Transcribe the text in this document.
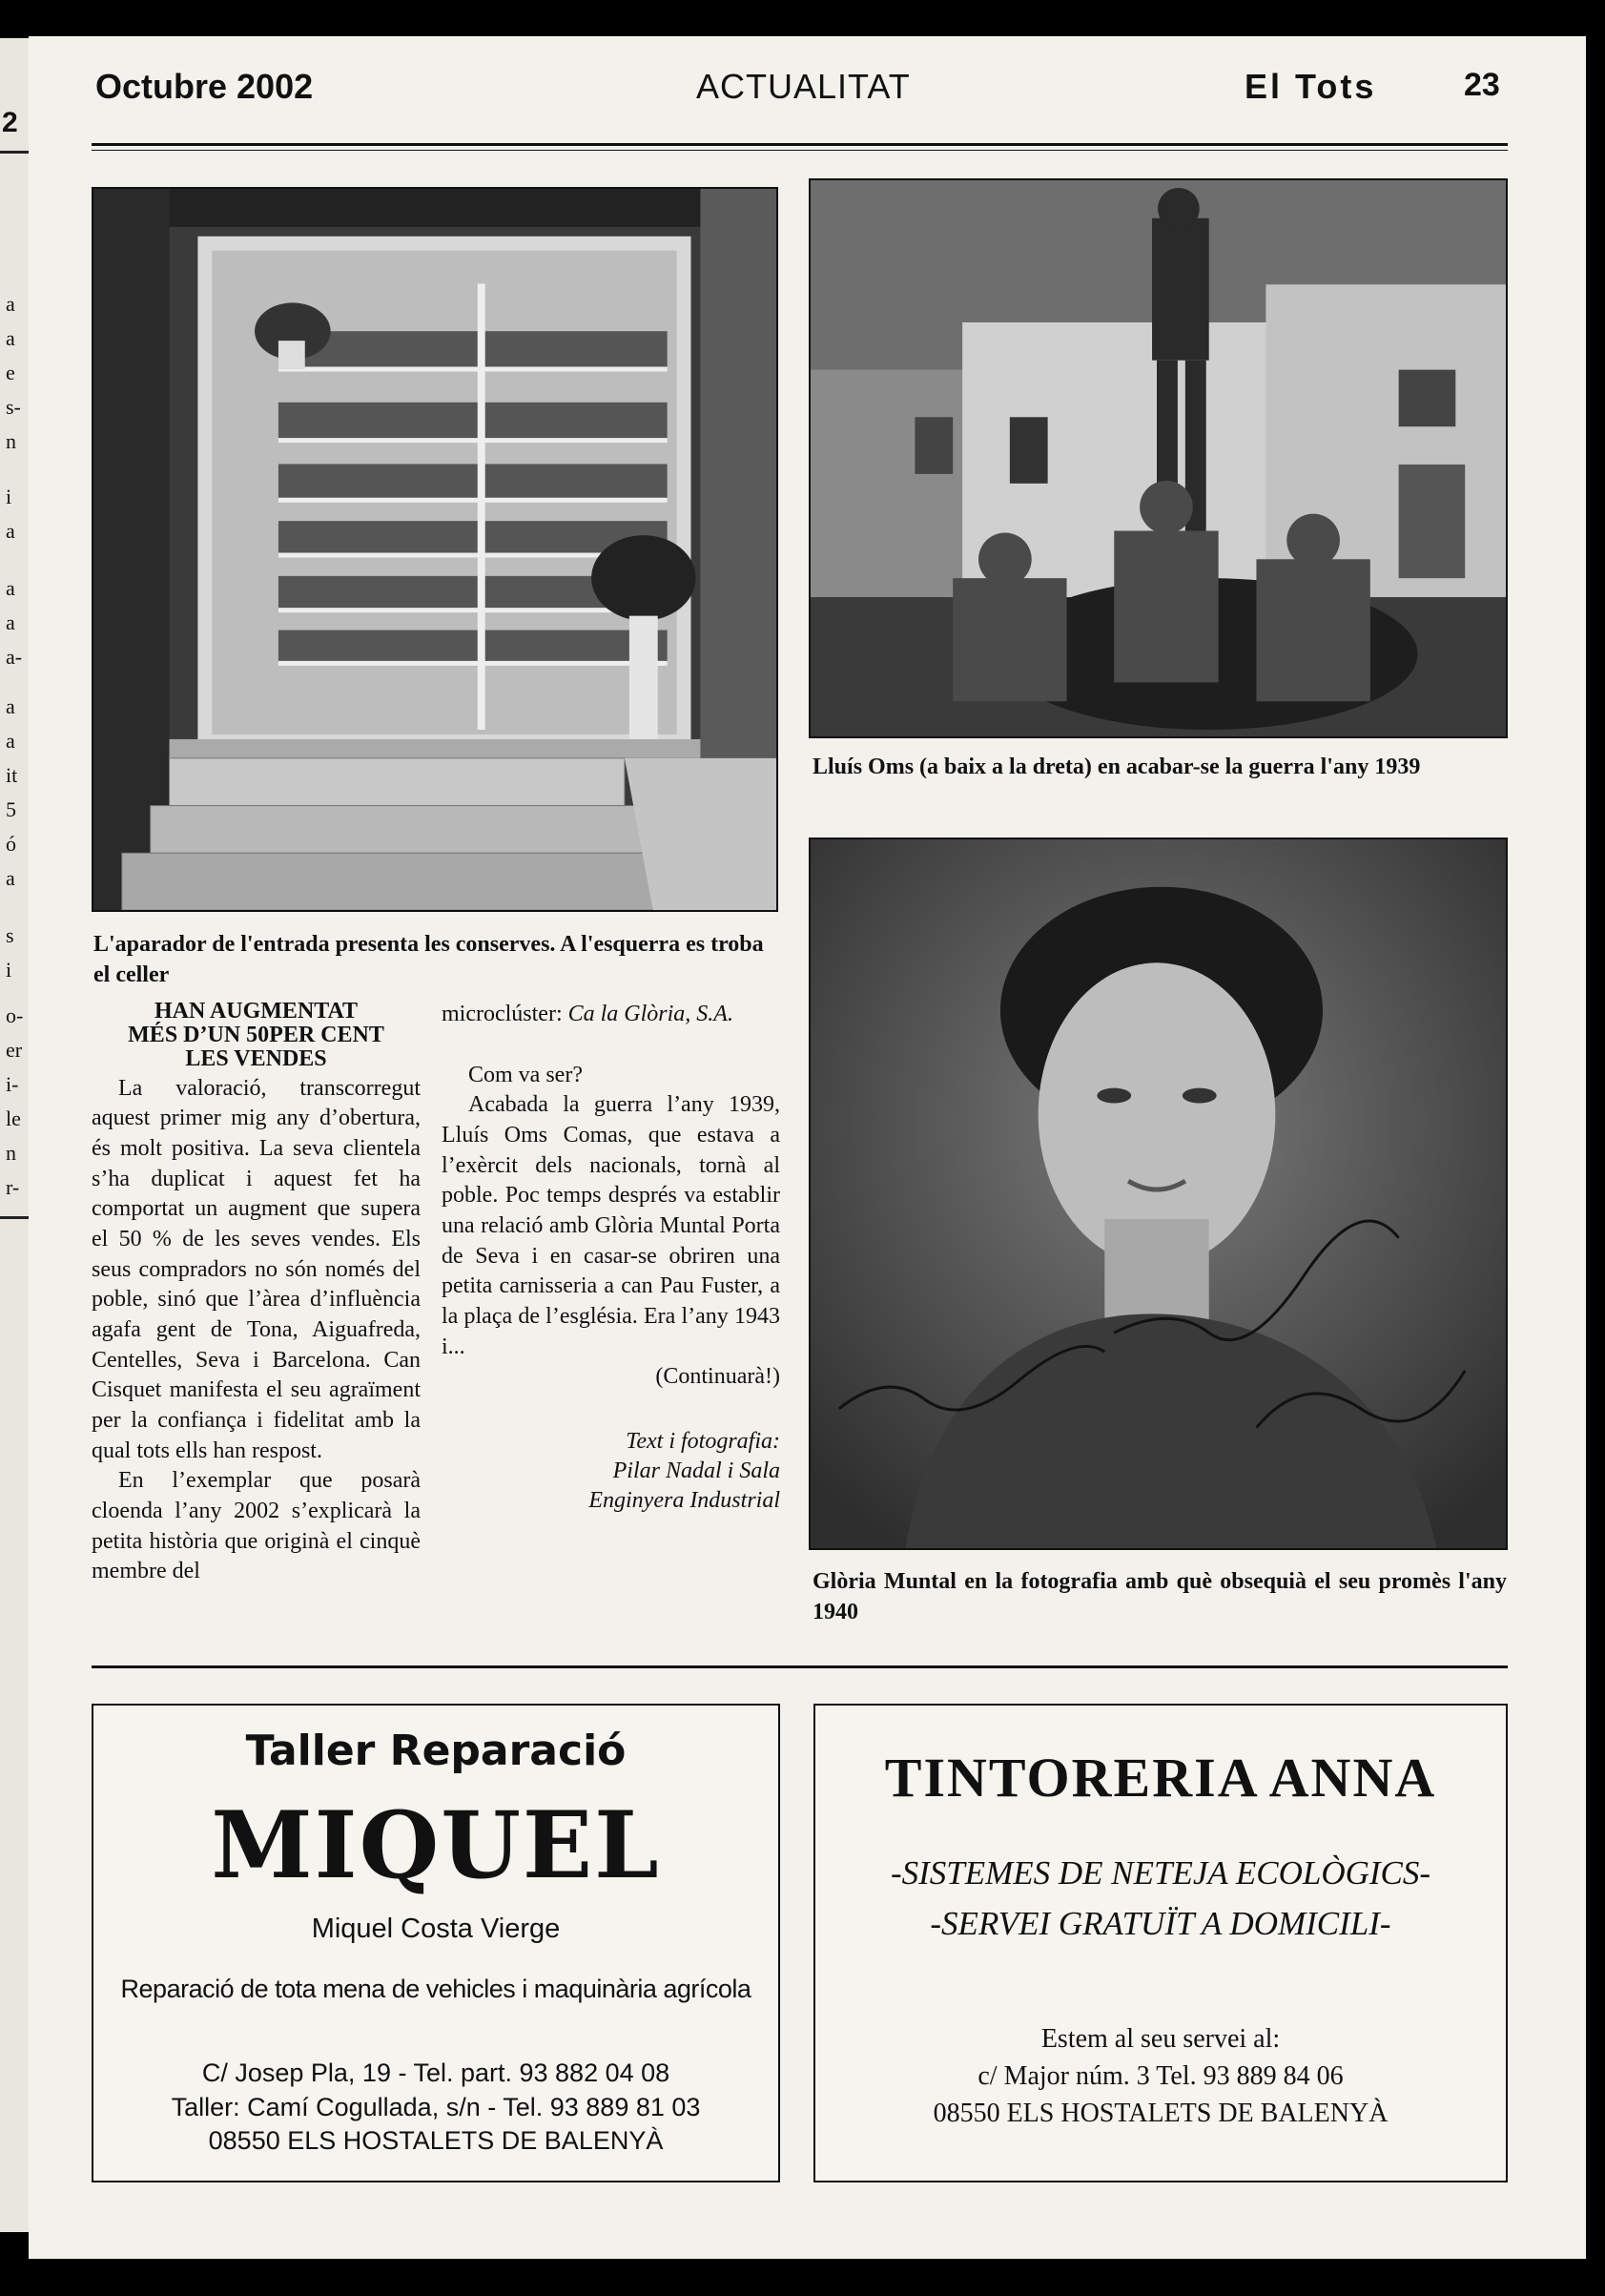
2
a
a
e
s-
n
i
a
a
a
a-
a
a
it
5
ó
a
s
i
o-
er
i-
le
n
r-
Octubre 2002	ACTUALITAT	El Tots	23
L'aparador de l'entrada presenta les conserves. A l'esquerra es troba el celler
Lluís Oms (a baix a la dreta) en acabar-se la guerra l'any 1939
Glòria Muntal en la fotografia amb què obsequià el seu promès l'any 1940
HAN AUGMENTAT
MÉS D’UN 50PER CENT
LES VENDES

La valoració, transcorregut aquest primer mig any d’obertura, és molt positiva. La seva clientela s’ha duplicat i aquest fet ha comportat un augment que supera el 50 % de les seves vendes. Els seus compradors no són només del poble, sinó que l’àrea d’influència agafa gent de Tona, Aiguafreda, Centelles, Seva i Barcelona. Can Cisquet manifesta el seu agraïment per la confiança i fidelitat amb la qual tots ells han respost.

En l’exemplar que posarà cloenda l’any 2002 s’explicarà la petita història que originà el cinquè membre del

microclúster: Ca la Glòria, S.A.

Com va ser?

Acabada la guerra l’any 1939, Lluís Oms Comas, que estava a l’exèrcit dels nacionals, tornà al poble. Poc temps després va establir una relació amb Glòria Muntal Porta de Seva i en casar-se obriren una petita carnisseria a can Pau Fuster, a la plaça de l’església. Era l’any 1943 i...

(Continuarà!)
Text i fotografia:
Pilar Nadal i Sala
Enginyera Industrial
Taller Reparació
MIQUEL
Miquel Costa Vierge
Reparació de tota mena de vehicles i maquinària agrícola
C/ Josep Pla, 19 - Tel. part. 93 882 04 08
Taller: Camí Cogullada, s/n - Tel. 93 889 81 03
08550 ELS HOSTALETS DE BALENYÀ
TINTORERIA ANNA
-SISTEMES DE NETEJA ECOLÒGICS-
-SERVEI GRATUÏT A DOMICILI-
Estem al seu servei al:
c/ Major núm. 3 Tel. 93 889 84 06
08550 ELS HOSTALETS DE BALENYÀ
